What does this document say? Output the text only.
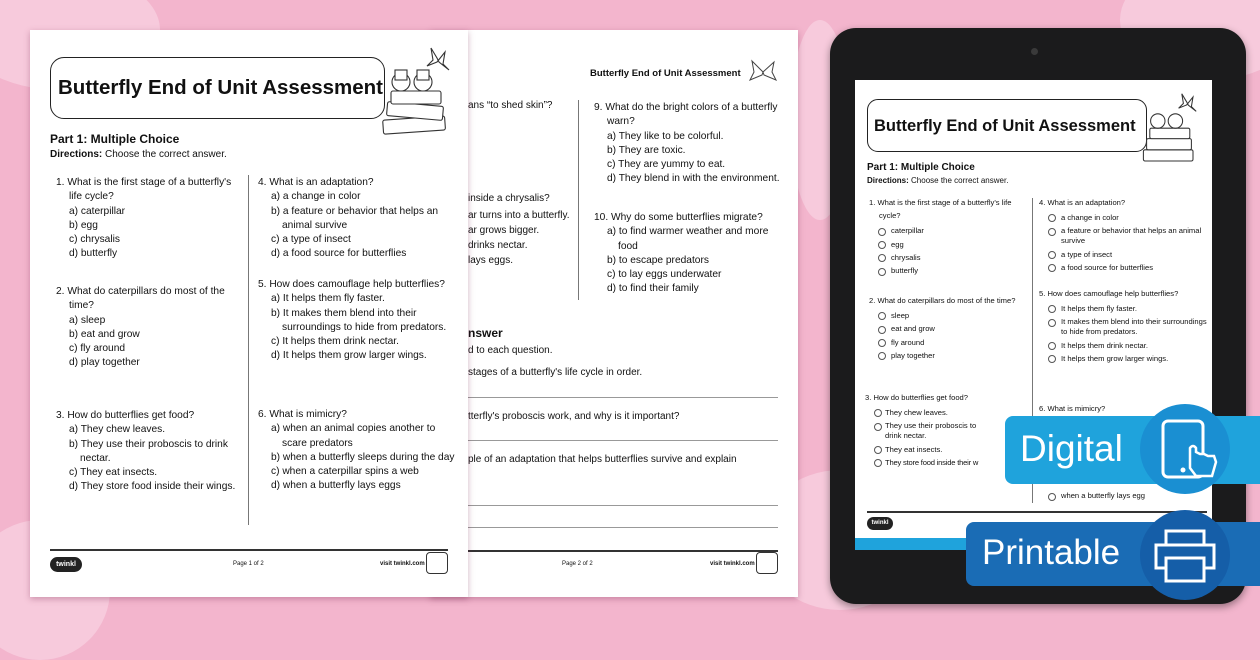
Butterfly End of Unit Assessment
ans “to shed skin”?
inside a chrysalis?
ar turns into a butterfly.
ar grows bigger.
drinks nectar.
lays eggs.
9. What do the bright colors of a butterfly warn?
a) They like to be colorful.
b) They are toxic.
c) They are yummy to eat.
d) They blend in with the environment.
10. Why do some butterflies migrate?
a) to find warmer weather and more food
b) to escape predators
c) to lay eggs underwater
d) to find their family
nswer
d to each question.
stages of a butterfly's life cycle in order.
tterfly's proboscis work, and why is it important?
ple of an adaptation that helps butterflies survive and explain
Page 2 of 2	visit twinkl.com
Butterfly End of Unit Assessment
Part 1: Multiple Choice
Directions: Choose the correct answer.
1. What is the first stage of a butterfly's life cycle?
a) caterpillar
b) egg
c) chrysalis
d) butterfly
2. What do caterpillars do most of the time?
a) sleep
b) eat and grow
c) fly around
d) play together
3. How do butterflies get food?
a) They chew leaves.
b) They use their proboscis to drink nectar.
c) They eat insects.
d) They store food inside their wings.
4. What is an adaptation?
a) a change in color
b) a feature or behavior that helps an animal survive
c) a type of insect
d) a food source for butterflies
5. How does camouflage help butterflies?
a) It helps them fly faster.
b) It makes them blend into their surroundings to hide from predators.
c) It helps them drink nectar.
d) It helps them grow larger wings.
6. What is mimicry?
a) when an animal copies another to scare predators
b) when a butterfly sleeps during the day
c) when a caterpillar spins a web
d) when a butterfly lays eggs
twinkl	Page 1 of 2	visit twinkl.com
Butterfly End of Unit Assessment
Part 1: Multiple Choice
Directions: Choose the correct answer.
1. What is the first stage of a butterfly's life cycle?
caterpillar
egg
chrysalis
butterfly
2. What do caterpillars do most of the time?
sleep
eat and grow
fly around
play together
3. How do butterflies get food?
They chew leaves.
They use their proboscis to drink nectar.
They eat insects.
They store food inside their w
4. What is an adaptation?
a change in color
a feature or behavior that helps an animal survive
a type of insect
a food source for butterflies
5. How does camouflage help butterflies?
It helps them fly faster.
It makes them blend into their surroundings to hide from predators.
It helps them drink nectar.
It helps them grow larger wings.
6. What is mimicry?
when a butterfly lays egg
twinkl
Digital
Printable
